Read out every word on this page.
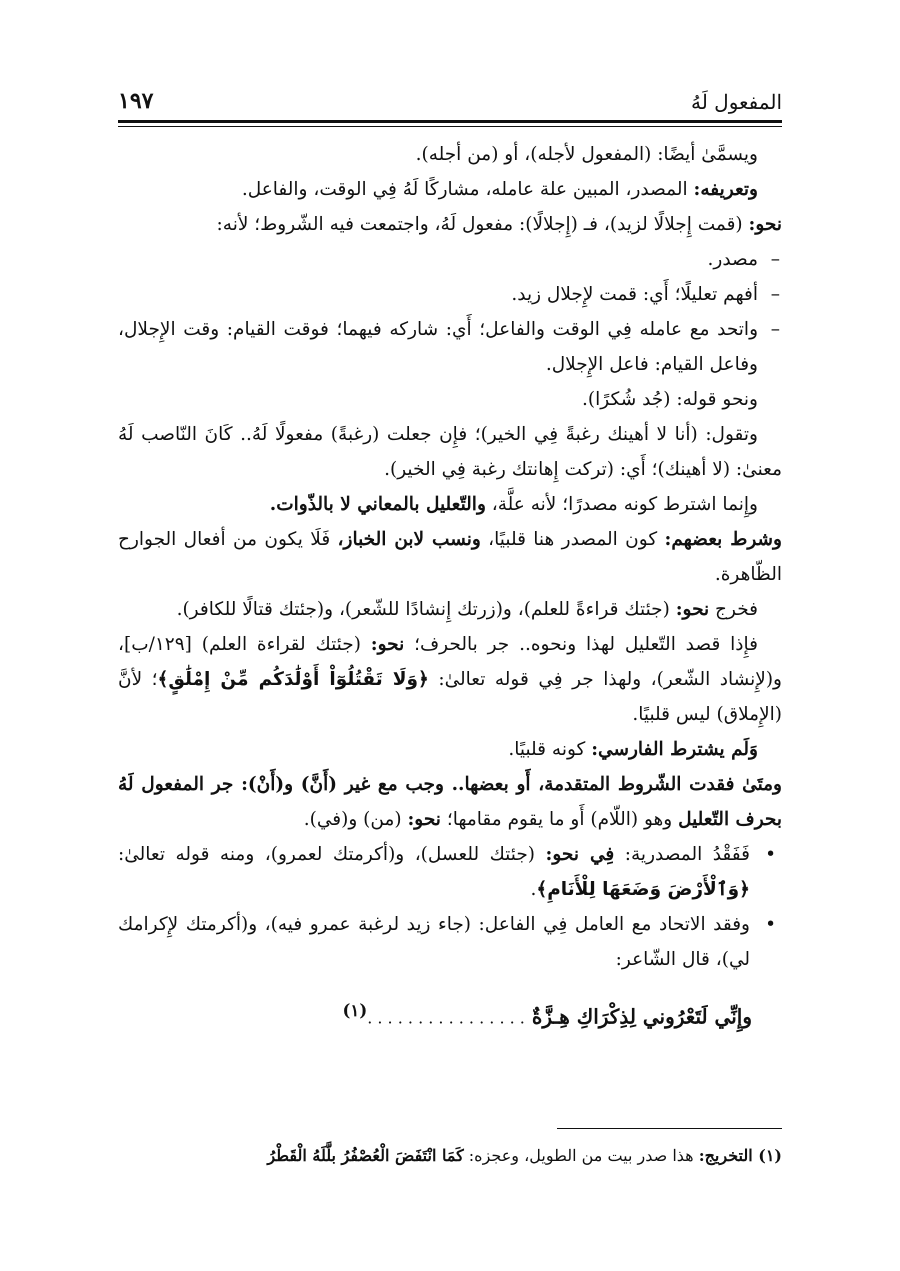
المفعول لَهُ
١٩٧

ويسمَّىٰ أيضًا: (المفعول لأجله)، أو (من أجله).

وتعريفه: المصدر، المبين علة عامله، مشاركًا لَهُ فِي الوقت، والفاعل.

نحو: (قمت إِجلالًا لزيد)، فـ (إِجلالًا): مفعول لَهُ، واجتمعت فيه الشّروط؛ لأنه:

– مصدر.

– أفهم تعليلًا؛ أَي: قمت لإِجلال زيد.

– واتحد مع عامله فِي الوقت والفاعل؛ أَي: شاركه فيهما؛ فوقت القيام: وقت الإِجلال، وفاعل القيام: فاعل الإِجلال.

ونحو قوله: (جُد شُكرًا).

وتقول: (أنا لا أهينك رغبةً فِي الخير)؛ فإِن جعلت (رغبةً) مفعولًا لَهُ.. كَانَ النّاصب لَهُ معنىٰ: (لا أهينك)؛ أَي: (تركت إِهانتك رغبة فِي الخير).

وإِنما اشترط كونه مصدرًا؛ لأنه علَّة، والتّعليل بالمعاني لا بالذّوات.

وشرط بعضهم: كون المصدر هنا قلبيًا، ونسب لابن الخباز، فَلَا يكون من أفعال الجوارح الظّاهرة.

فخرج نحو: (جئتك قراءةً للعلم)، و(زرتك إِنشادًا للشّعر)، و(جئتك قتالًا للكافر).

فإِذا قصد التّعليل لهذا ونحوه.. جر بالحرف؛ نحو: (جئتك لقراءة العلم) [١٢٩/ب]، و(لإِنشاد الشّعر)، ولهذا جر فِي قوله تعالىٰ: ﴿وَلَا تَقْتُلُوٓاْ أَوْلَٰدَكُم مِّنْ إِمْلَٰقٍ﴾؛ لأنَّ (الإِملاق) ليس قلبيًا.

وَلَم يشترط الفارسي: كونه قلبيًا.

ومتَىٰ فقدت الشّروط المتقدمة، أَو بعضها.. وجب مع غير (أَنَّ) و(أَنْ): جر المفعول لَهُ بحرف التّعليل وهو (اللّام) أَو ما يقوم مقامها؛ نحو: (من) و(في).

• فَفَقْدُ المصدرية: فِي نحو: (جئتك للعسل)، و(أكرمتك لعمرو)، ومنه قوله تعالىٰ: ﴿وَٱلْأَرْضَ وَضَعَهَا لِلْأَنَامِ﴾.

• وفقد الاتحاد مع العامل فِي الفاعل: (جاء زيد لرغبة عمرو فيه)، و(أكرمتك لإِكرامك لي)، قال الشّاعر:

وإِنِّي لَتَعْرُوني لِذِكْرَاكِ هِـزَّةٌ . . . . . . . . . . . . . . . .$^{(١)}$
(١) التخريج: هذا صدر بيت من الطويل، وعجزه: كَمَا انْتَفَضَ الْعُصْفُرُ بلَّلَهُ الْقَطْرُ
